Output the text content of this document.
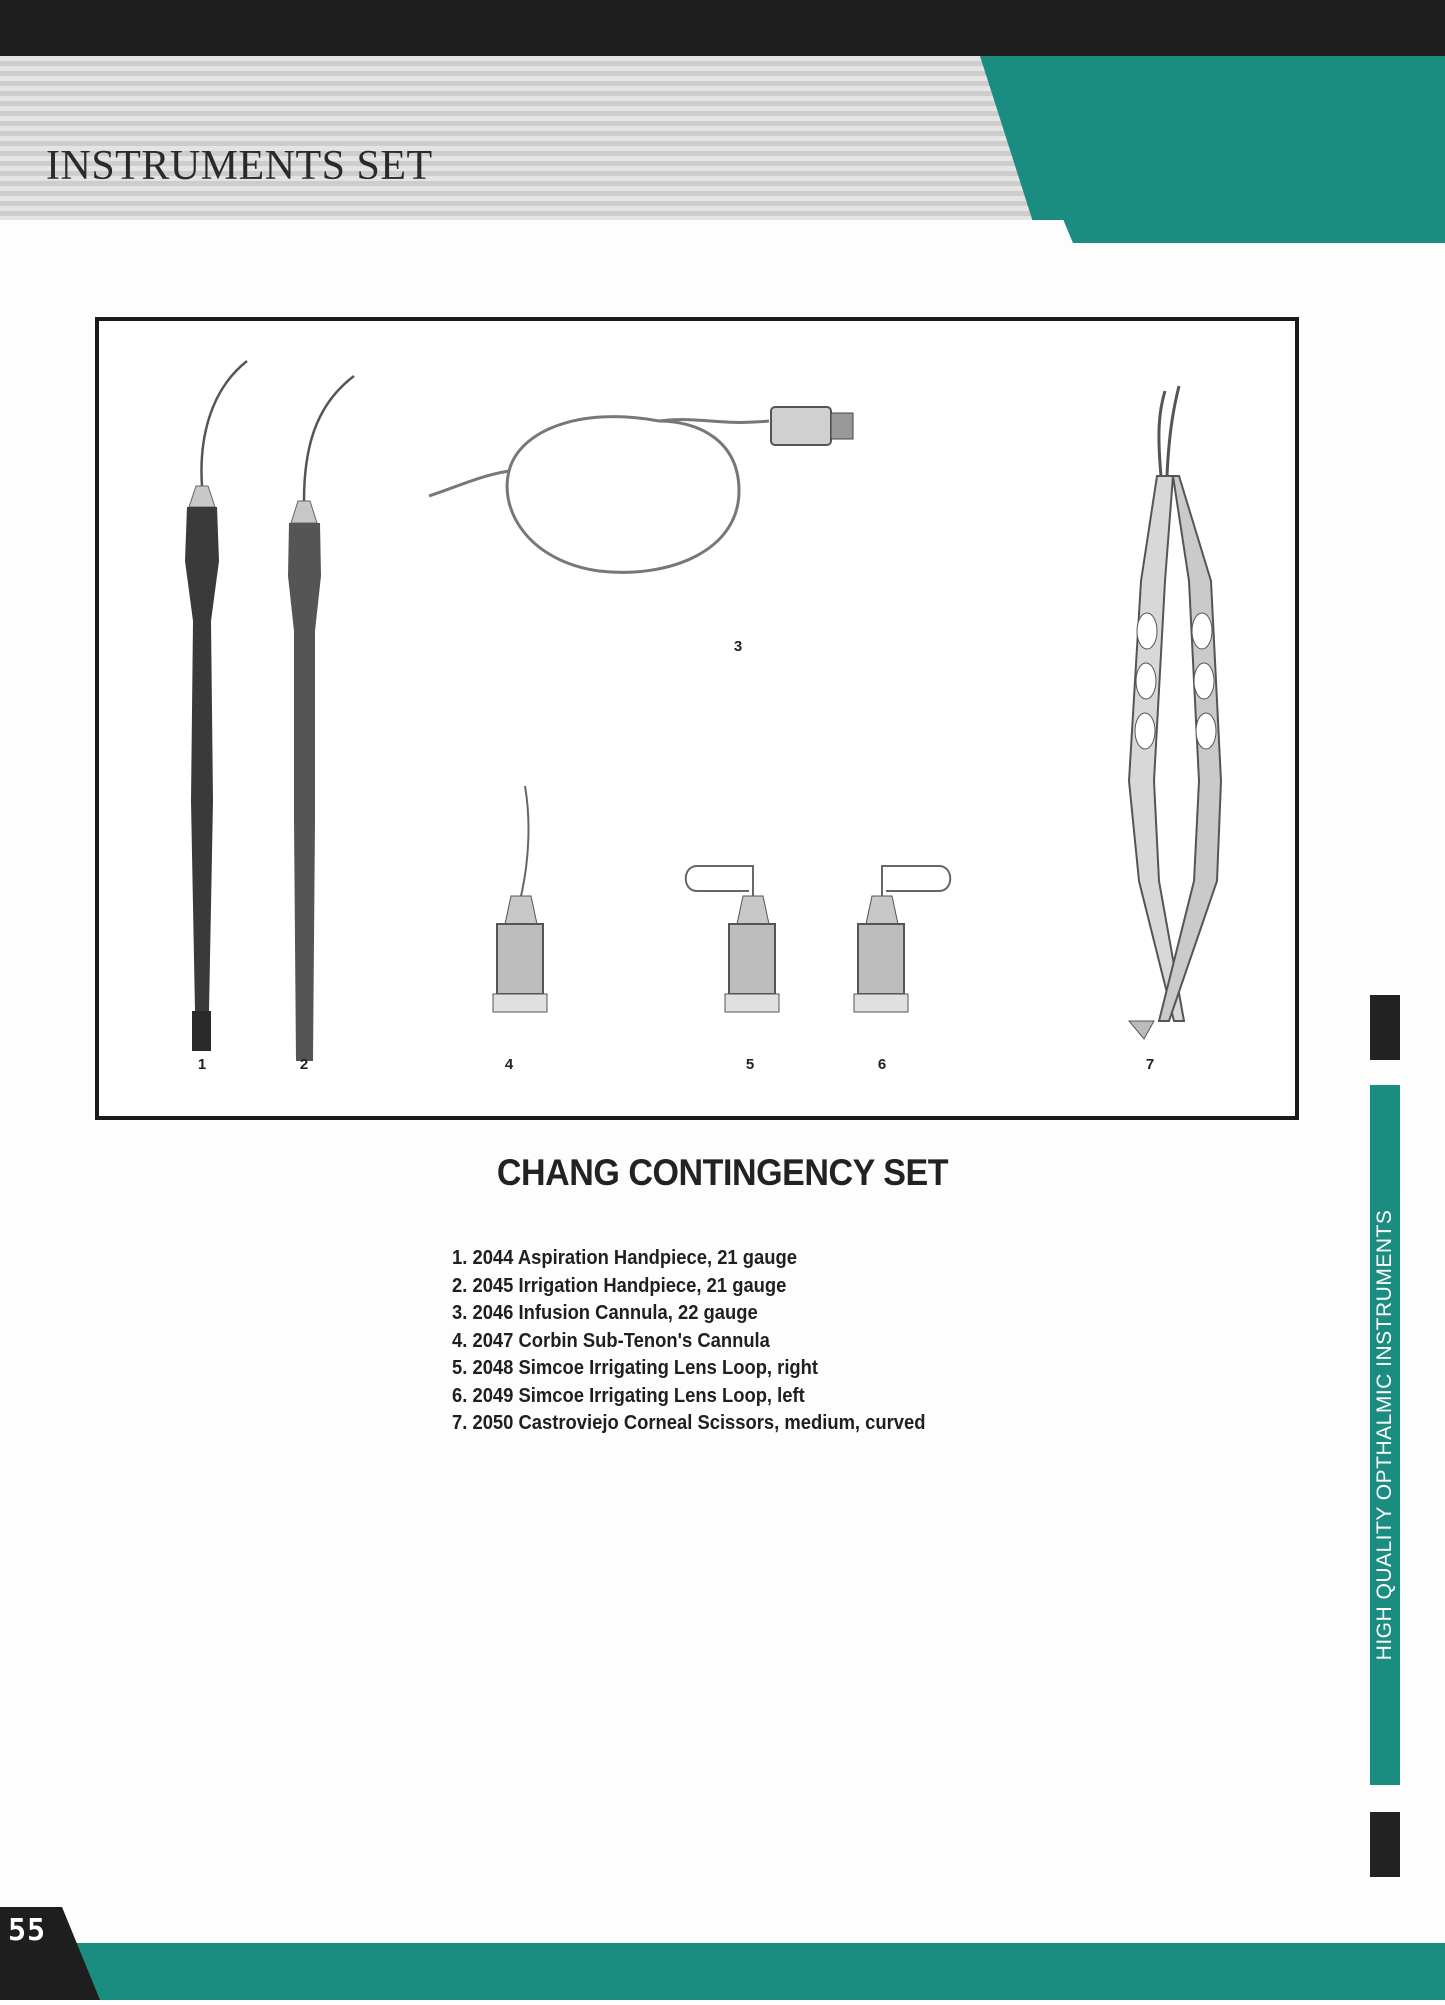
INSTRUMENTS SET
1	2
3
4	5	6	7
CHANG CONTINGENCY SET
1. 2044 Aspiration Handpiece, 21 gauge
2. 2045 Irrigation Handpiece, 21 gauge
3. 2046 Infusion Cannula, 22 gauge
4. 2047 Corbin Sub-Tenon's Cannula
5. 2048 Simcoe Irrigating Lens Loop, right
6. 2049 Simcoe Irrigating Lens Loop, left
7. 2050 Castroviejo Corneal Scissors, medium, curved	HIGH QUALITY OPTHALMIC INSTRUMENTS
55
